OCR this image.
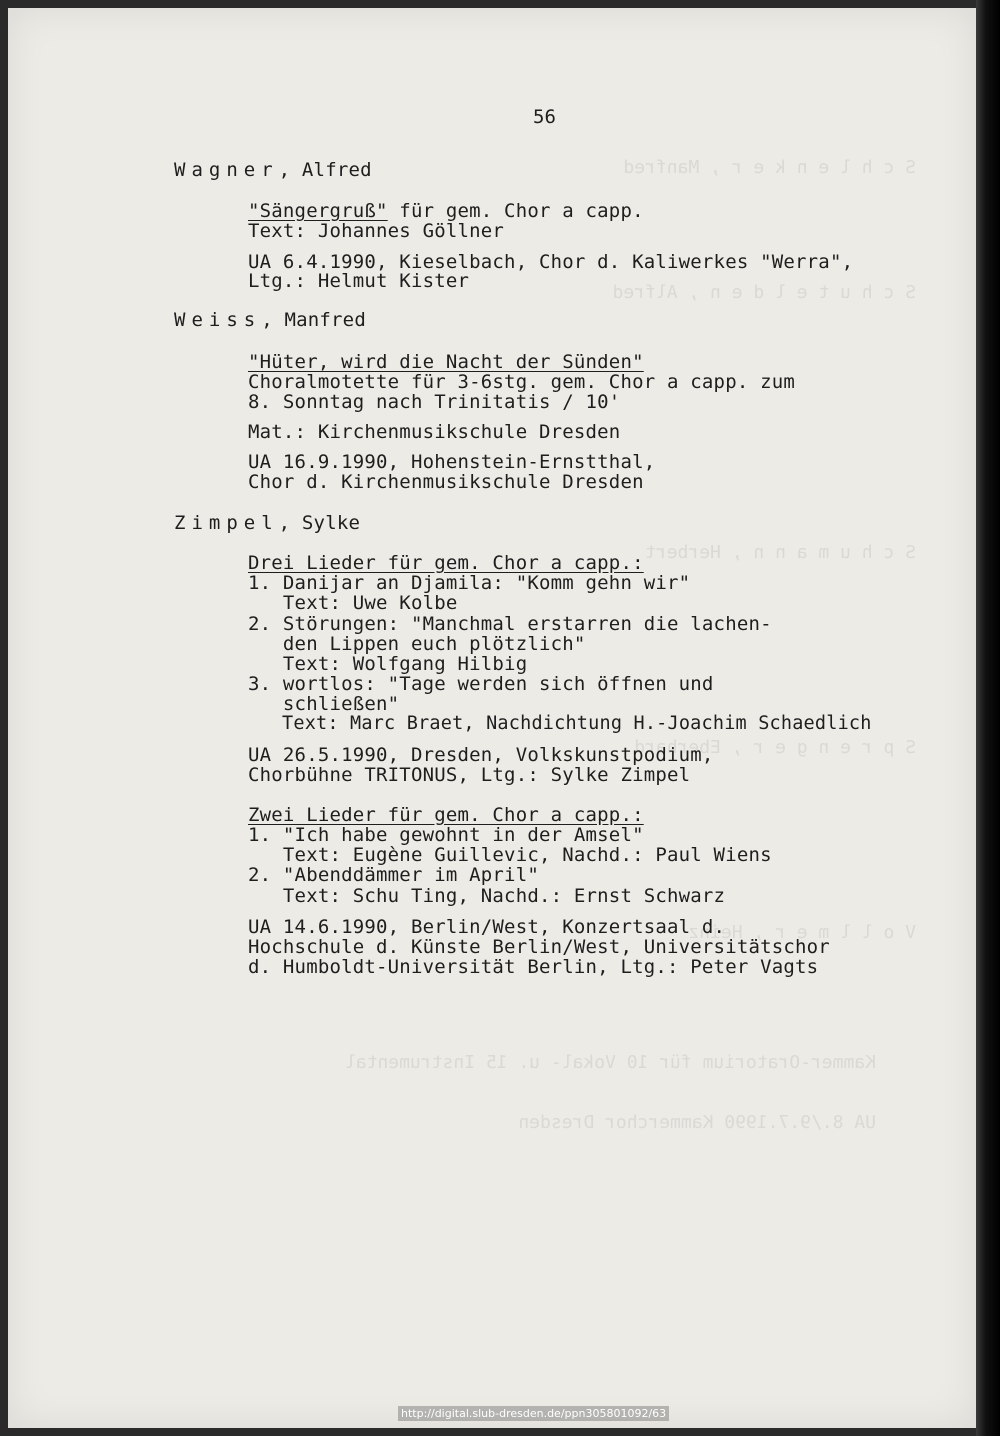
S c h l e n k e r , Manfred

S c h u t e l d e n , Alfred

S c h u m a n n , Herbert

S p r e n g e r , Eberhard

V o l l m e r , Heinz

Kammer-Oratorium für 10 Vokal- u. 15 Instrumental

UA 8./9.7.1990 Kammerchor Dresden

56
Wagner, Alfred
"Sängergruß" für gem. Chor a capp.
Text: Johannes Göllner
UA 6.4.1990, Kieselbach, Chor d. Kaliwerkes "Werra",
Ltg.: Helmut Kister
Weiss, Manfred
"Hüter, wird die Nacht der Sünden"
Choralmotette für 3-6stg. gem. Chor a capp. zum
8. Sonntag nach Trinitatis / 10'
Mat.: Kirchenmusikschule Dresden
UA 16.9.1990, Hohenstein-Ernstthal,
Chor d. Kirchenmusikschule Dresden
Zimpel, Sylke
Drei Lieder für gem. Chor a capp.:
1. Danijar an Djamila: "Komm gehn wir"
Text: Uwe Kolbe
2. Störungen: "Manchmal erstarren die lachen-
den Lippen euch plötzlich"
Text: Wolfgang Hilbig
3. wortlos: "Tage werden sich öffnen und
schließen"
Text: Marc Braet, Nachdichtung H.-Joachim Schaedlich
UA 26.5.1990, Dresden, Volkskunstpodium,
Chorbühne TRITONUS, Ltg.: Sylke Zimpel
Zwei Lieder für gem. Chor a capp.:
1. "Ich habe gewohnt in der Amsel"
Text: Eugène Guillevic, Nachd.: Paul Wiens
2. "Abenddämmer im April"
Text: Schu Ting, Nachd.: Ernst Schwarz
UA 14.6.1990, Berlin/West, Konzertsaal d.
Hochschule d. Künste Berlin/West, Universitätschor
d. Humboldt-Universität Berlin, Ltg.: Peter Vagts
http://digital.slub-dresden.de/ppn305801092/63
